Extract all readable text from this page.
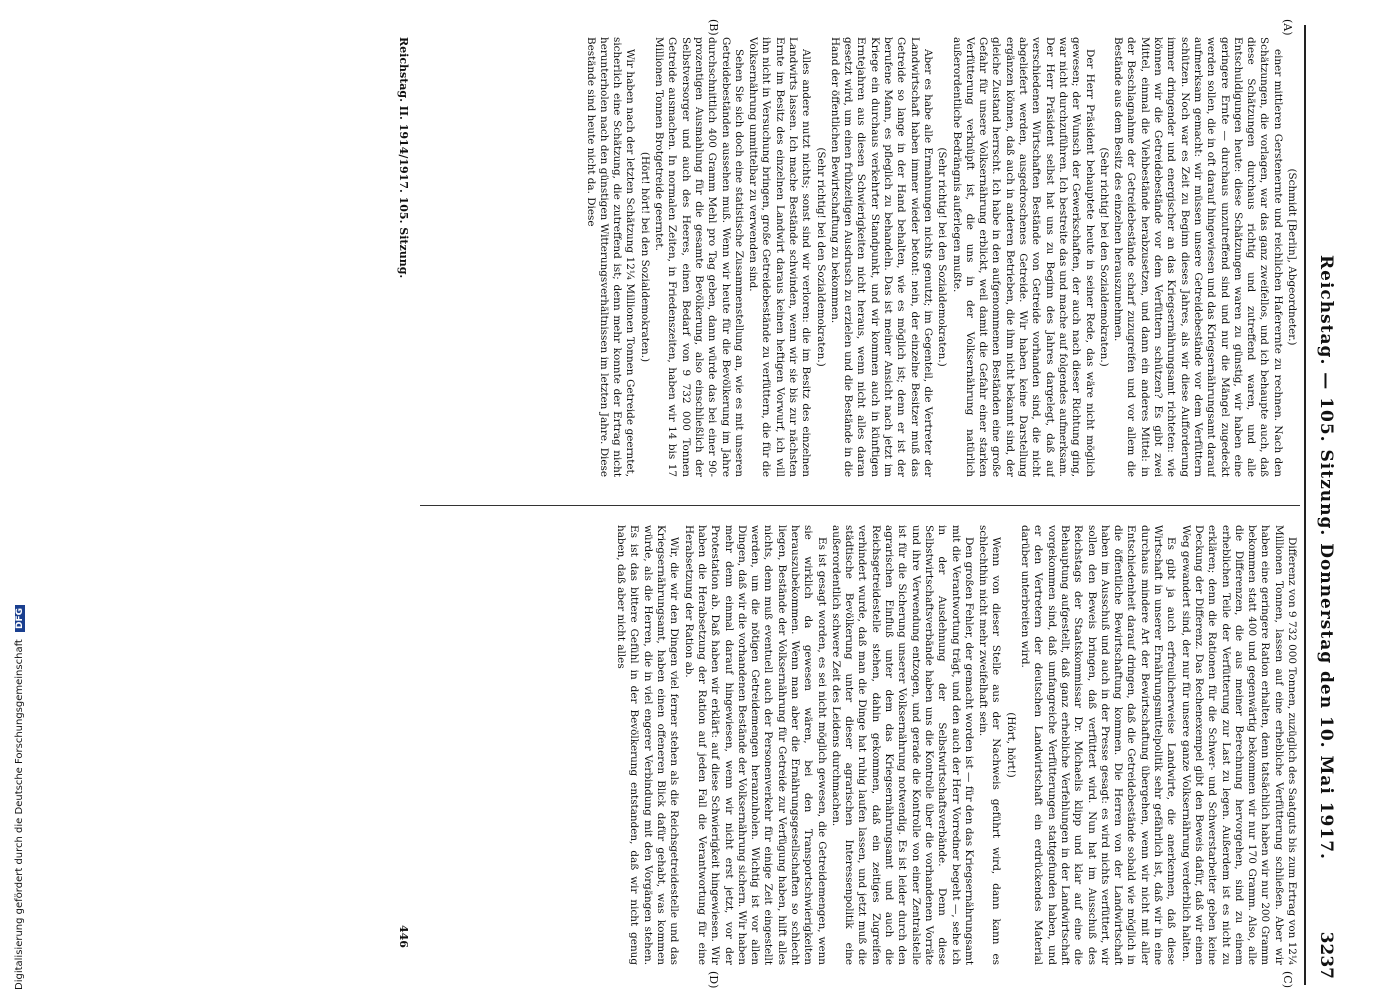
Reichstag. — 105. Sitzung. Donnerstag den 10. Mai 1917.
3237
(A)
(B)
(C)
(D)

(Schmidt [Berlin], Abgeordneter.)

einer mittleren Gerstenernte und reichlichen Haferernte zu rechnen. Nach den Schätzungen, die vorlagen, war das ganz zweifellos, und ich behaupte auch, daß diese Schätzungen durchaus richtig und zutreffend waren, und alle Entschuldigungen heute: diese Schätzungen waren zu günstig, wir haben eine geringere Ernte — durchaus unzutreffend sind und nur die Mängel zugedeckt werden sollen, die in oft darauf hingewiesen und das Kriegsernährungsamt darauf aufmerksam gemacht: wir müssen unsere Getreidebestände vor dem Verfüttern schützen. Noch war es Zeit zu Beginn dieses Jahres, als wir diese Aufforderung immer dringender und energischer an das Kriegsernährungsamt richteten: wie können wir die Getreidebestände vor dem Verfüttern schützen? Es gibt zwei Mittel, einmal die Viehbestände herabzusetzen, und dann ein anderes Mittel: in der Beschlagnahme der Getreidebestände scharf zuzugreifen und vor allem die Bestände aus dem Besitz des einzelnen herauszunehmen.

(Sehr richtig! bei den Sozialdemokraten.)

Der Herr Präsident behauptete heute in seiner Rede, das wäre nicht möglich gewesen; der Wunsch der Gewerkschaften, der auch nach dieser Richtung ging, war nicht durchzuführen. Ich bestreite das und mache auf folgendes aufmerksam. Der Herr Präsident selbst hat uns zu Beginn des Jahres dargelegt, daß auf verschiedenen Wirtschaften Bestände von Getreide vorhanden sind, die nicht abgeliefert werden, ausgedroschenes Getreide. Wir haben keine Darstellung ergänzen können, daß auch in anderen Betrieben, die ihm nicht bekannt sind, der gleiche Zustand herrscht. Ich habe in den aufgenommenen Beständen eine große Gefahr für unsere Volksernährung erblickt, weil damit die Gefahr einer starken Verfütterung verknüpft ist, die uns in der Volksernährung natürlich außerordentliche Bedrängnis auferlegen mußte.

(Sehr richtig! bei den Sozialdemokraten.)

Aber es habe alle Ermahnungen nichts genutzt; im Gegenteil, die Vertreter der Landwirtschaft haben immer wieder betont: nein, der einzelne Besitzer muß das Getreide so lange in der Hand behalten, wie es möglich ist; denn er ist der berufene Mann, es pfleglich zu behandeln. Das ist meiner Ansicht nach jetzt im Kriege ein durchaus verkehrter Standpunkt, und wir kommen auch in künftigen Erntejahren aus diesen Schwierigkeiten nicht heraus, wenn nicht alles daran gesetzt wird, um einen frühzeitigen Ausdrusch zu erzielen und die Bestände in die Hand der öffentlichen Bewirtschaftung zu bekommen.

(Sehr richtig! bei den Sozialdemokraten.)

Alles andere nutzt nichts; sonst sind wir verloren: die im Besitz des einzelnen Landwirts lassen. Ich mache Bestände schwinden, wenn wir sie bis zur nächsten Ernte im Besitz des einzelnen Landwirt daraus keinen heftigen Vorwurf, ich will ihn nicht in Versuchung bringen, große Getreidebestände zu verfüttern, die für die Volksernährung unmittelbar zu verwenden sind.

Sehen Sie sich doch eine statistische Zusammenstellung an, wie es mit unseren Getreidebeständen aussehen muß. Wenn wir heute für die Bevölkerung im Jahre durchschnittlich 400 Gramm Mehl pro Tag geben, dann würde das bei einer 90-prozentigen Ausmahlung für die gesamte Bevölkerung, also einschließlich der Selbstversorger und auch des Heeres, einen Bedarf von 9 732 000 Tonnen Getreide ausmachen. In normalen Zeiten, in Friedenszeiten, haben wir 14 bis 17 Millionen Tonnen Brotgetreide geerntet.

(Hört! hört! bei den Sozialdemokraten.)

Wir haben nach der letzten Schätzung 12¼ Millionen Tonnen Getreide geerntet, sicherlich eine Schätzung, die zutreffend ist; denn mehr konnte der Ertrag nicht herunterholen nach den günstigen Witterungsverhältnissen im letzten Jahre. Diese Bestände sind heute nicht da. Diese

Differenz von 9 732 000 Tonnen, zuzüglich des Saatguts bis zum Ertrag von 12¼ Millionen Tonnen, lassen auf eine erhebliche Verfütterung schließen. Aber wir haben eine geringere Ration erhalten, denn tatsächlich haben wir nur 200 Gramm bekommen statt 400 und gegenwärtig bekommen wir nur 170 Gramm. Also, alle die Differenzen, die aus meiner Berechnung hervorgehen, sind zu einem erheblichen Teile der Verfütterung zur Last zu legen. Außerdem ist es nicht zu erklären; denn die Rationen für die Schwer- und Schwerstarbeiter geben keine Deckung der Differenz. Das Rechenexempel gibt den Beweis dafür, daß wir einen Weg gewandert sind, der nur für unsere ganze Volksernährung verderblich halten.

Es gibt ja auch erfreulicherweise Landwirte, die anerkennen, daß diese Wirtschaft in unserer Ernährungsmittelpolitik sehr gefährlich ist, daß wir in eine durchaus mindere Art der Bewirtschaftung übergehen, wenn wir nicht mit aller Entschiedenheit darauf dringen, daß die Getreidebestände sobald wie möglich in die öffentliche Bewirtschaftung kommen. Die Herren von der Landwirtschaft haben im Ausschuß und auch in der Presse gesagt: es wird nichts verfüttert, wir sollen den Beweis bringen, daß verfüttert wird. Nun hat im Ausschuß des Reichstags der Staatskommissar Dr. Michaelis klipp und klar auf eine die Behauptung aufgestellt, daß ganz erhebliche Verfehlungen in der Landwirtschaft vorgekommen sind, daß umfangreiche Verfütterungen stattgefunden haben, und er den Vertretern der deutschen Landwirtschaft ein erdrückendes Material darüber unterbreiten wird.

(Hört, hört!)

Wenn von dieser Stelle aus der Nachweis geführt wird, dann kann es schlechthin nicht mehr zweifelhaft sein.

Den großen Fehler, der gemacht worden ist — für den das Kriegsernährungsamt mit die Verantwortung trägt, und den auch der Herr Vorredner begeht —, sehe ich in der Ausdehnung der Selbstwirtschaftsverbände. Denn diese Selbstwirtschaftsverbände haben uns die Kontrolle über die vorhandenen Vorräte und ihre Verwendung entzogen, und gerade die Kontrolle von einer Zentralstelle ist für die Sicherung unserer Volksernährung notwendig. Es ist leider durch den agrarischen Einfluß unter dem das Kriegsernährungsamt und auch die Reichsgetreidestelle stehen, dahin gekommen, daß ein zeitiges Zugreifen verhindert wurde, daß man die Dinge hat ruhig laufen lassen, und jetzt muß die städtische Bevölkerung unter dieser agrarischen Interessenpolitik eine außerordentlich schwere Zeit des Leidens durchmachen.

Es ist gesagt worden, es sei nicht möglich gewesen, die Getreidemengen, wenn sie wirklich da gewesen wären, bei den Transportschwierigkeiten herauszubekommen. Wenn man aber die Ernährungsgesellschaften so schlecht liegen, Bestände der Volksernährung für Getreide zur Verfügung haben, hilft alles nichts, denn muß eventuell auch der Personenverkehr für einige Zeit eingestellt werden, um die nötigen Getreidemengen heranzuholen. Wichtig ist vor allen Dingen, daß wir die vorhandenen Bestände der Volksernährung sichern. Wir haben mehr denn einmal darauf hingewiesen, wenn wir nicht erst jetzt, vor der Protestation ab. Daß haben wir erklärt: auf diese Schwierigkeit hingewiesen. Wir haben die Herabsetzung der Ration auf jeden Fall die Verantwortung für eine Herabsetzung der Ration ab.

Wir, die wir den Dingen viel ferner stehen als die Reichsgetreidestelle und das Kriegsernährungsamt, haben einen offeneren Blick dafür gehabt, was kommen würde, als die Herren, die in viel engerer Verbindung mit den Vorgängen stehen. Es ist das bittere Gefühl in der Bevölkerung entstanden, daß wir nicht genug haben, daß aber nicht alles

Reichstag. II. 1914/1917. 105. Sitzung.
446
Digitalisierung gefördert durch die Deutsche Forschungsgemeinschaft DFG
